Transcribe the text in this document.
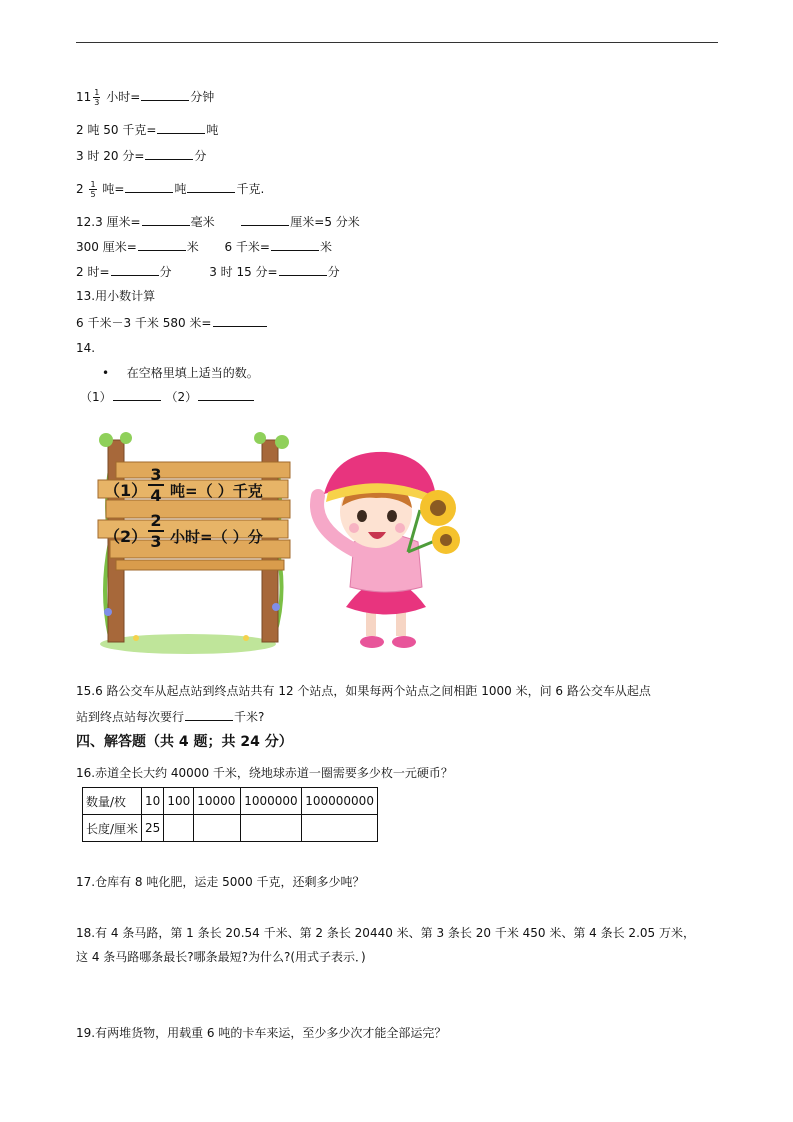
$11 \frac{1}{3}$ 小时=	分钟
2 吨 50 千克=	吨
3 时 20 分=	分
$2 \frac{1}{5}$ 吨=	吨	千克.
12.3 厘米=	毫米	厘米=5 分米
300 厘米=	米 6 千米=	米
2 时=	分	3 时 15 分=	分
13.用小数计算
6 千米－3 千米 580 米=
14.
• 在空格里填上适当的数。
（1）	（2）
（1）
3
4 吨=（ ）千克
（2）
2
3 小时=（ ）分
15.6 路公交车从起点站到终点站共有 12 个站点，如果每两个站点之间相距 1000 米，问 6 路公交车从起点
站到终点站每次要行	千米?
四、解答题（共 4 题；共 24 分）
16.赤道全长大约 40000 千米，绕地球赤道一圈需要多少枚一元硬币？
数量/枚	10	100	10000	1000000	100000000
长度/厘米	25				
17.仓库有 8 吨化肥，运走 5000 千克，还剩多少吨？
18.有 4 条马路，第 1 条长 20.54 千米、第 2 条长 20440 米、第 3 条长 20 千米 450 米、第 4 条长 2.05 万米，
这 4 条马路哪条最长?哪条最短?为什么?(用式子表示．)
19.有两堆货物，用载重 6 吨的卡车来运，至少多少次才能全部运完？
